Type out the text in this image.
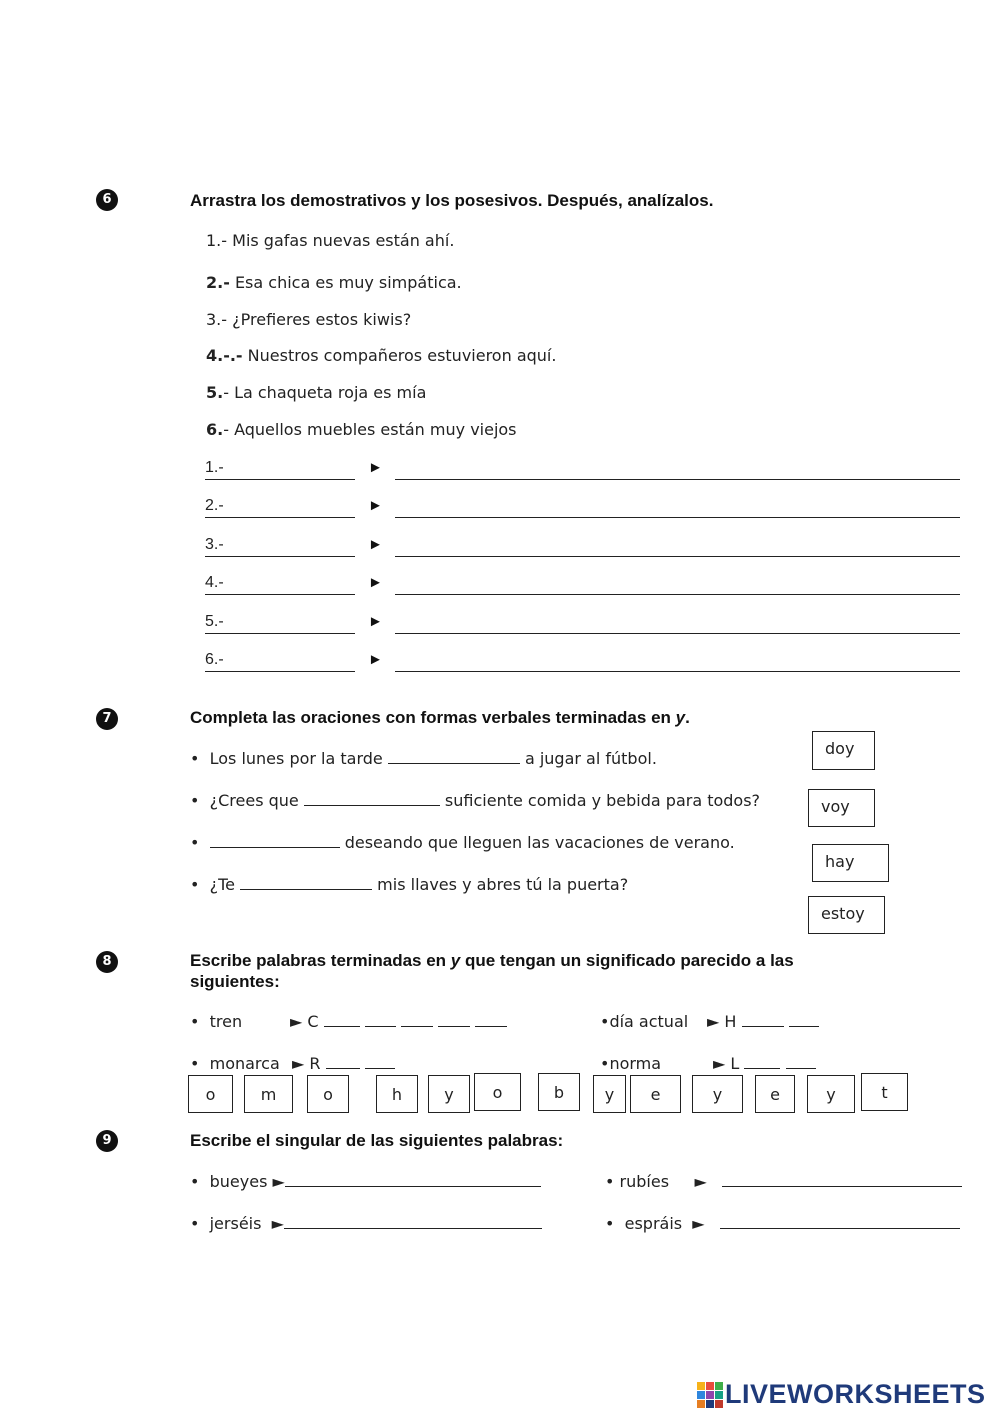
6	Arrastra los demostrativos y los posesivos. Después, analízalos.
1.- Mis gafas nuevas están ahí.
2.- Esa chica es muy simpática.
3.- ¿Prefieres estos kiwis?
4.-.- Nuestros compañeros estuvieron aquí.
5.- La chaqueta roja es mía
6.- Aquellos muebles están muy viejos
1.-	►
2.-	►
3.-	►
4.-	►
5.-	►
6.-	►
7	Completa las oraciones con formas verbales terminadas en y.
• Los lunes por la tarde	a jugar al fútbol.
• ¿Crees que	suficiente comida y bebida para todos?
•	deseando que lleguen las vacaciones de verano.
• ¿Te	mis llaves y abres tú la puerta?
doy
voy
hay
estoy
8	Escribe palabras terminadas en y que tengan un significado parecido a las
siguientes:
• tren	► C	•día actual ► H
• monarca ► R	•norma	► L
o	m	o	h	y	o	b	y	e	y	e	y	t
9	Escribe el singular de las siguientes palabras:
• bueyes ►
• jerséis ►
• rubíes ►
• espráis ►
LIVEWORKSHEETS
